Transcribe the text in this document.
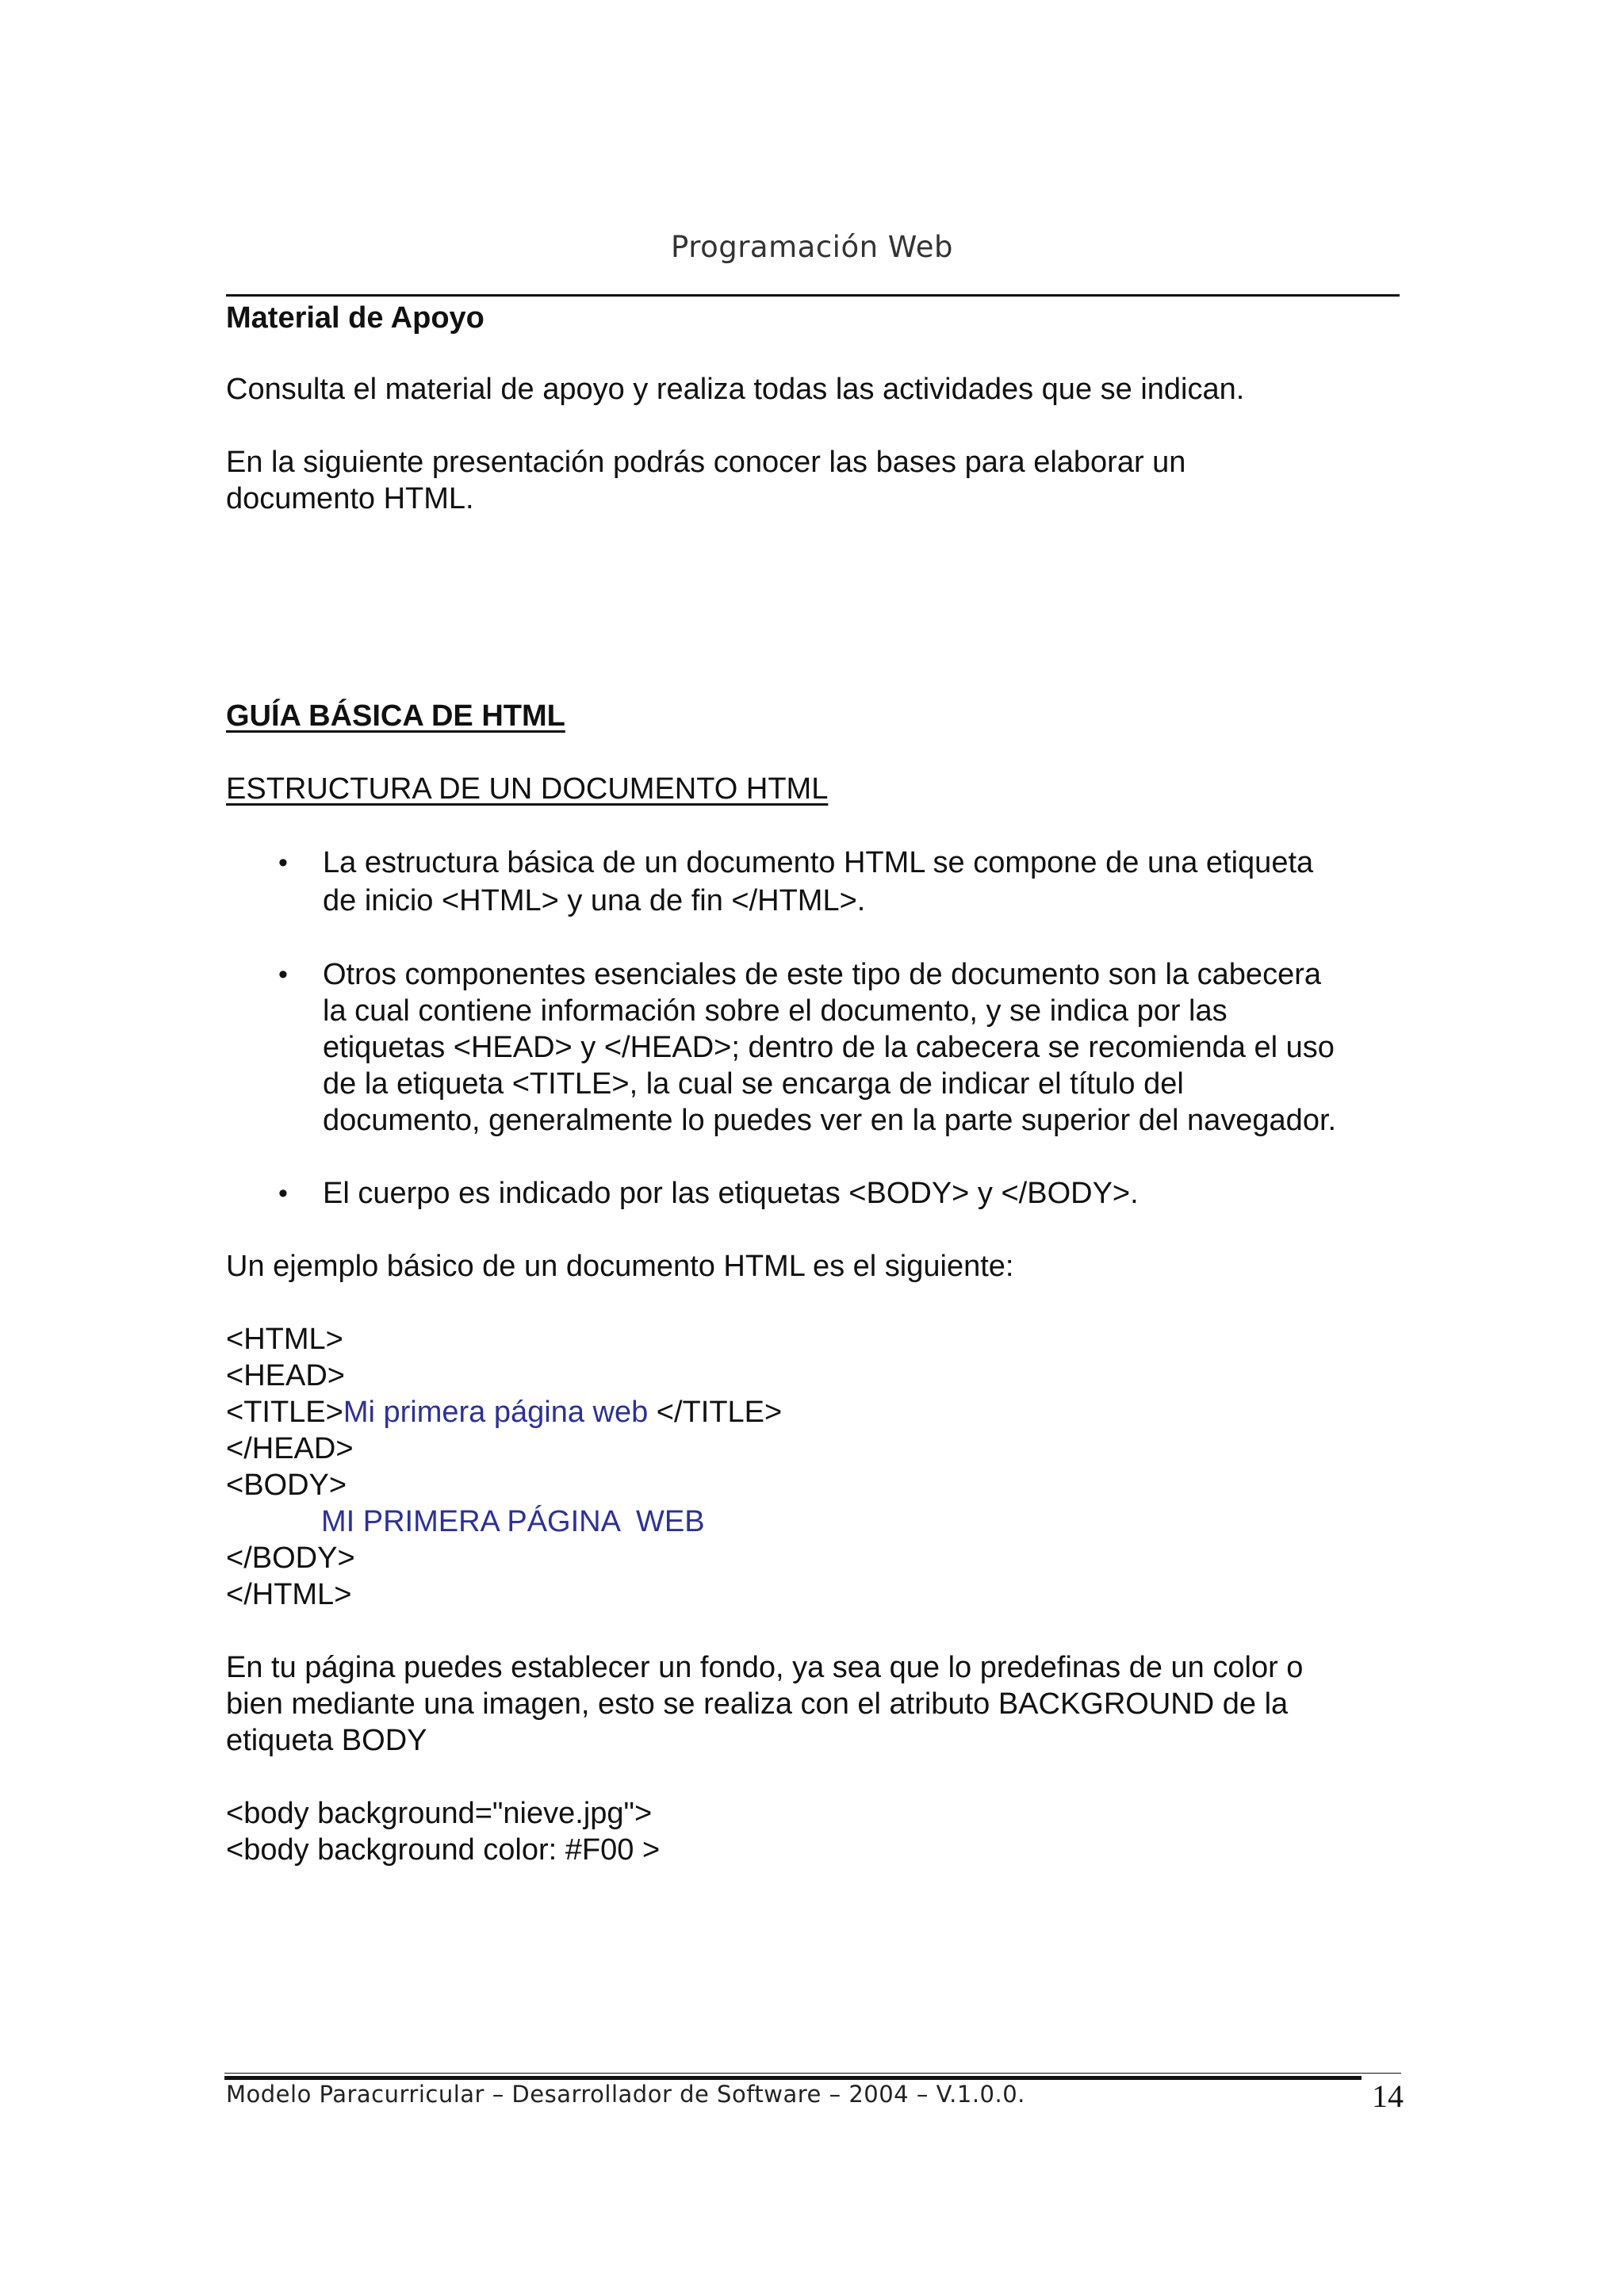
Programación Web

Material de Apoyo

Consulta el material de apoyo y realiza todas las actividades que se indican.

En la siguiente presentación podrás conocer las bases para elaborar un
documento HTML.

GUÍA BÁSICA DE HTML

ESTRUCTURA DE UN DOCUMENTO HTML

• La estructura básica de un documento HTML se compone de una etiqueta
de inicio <HTML> y una de fin </HTML>.
• Otros componentes esenciales de este tipo de documento son la cabecera
la cual contiene información sobre el documento, y se indica por las
etiquetas <HEAD> y </HEAD>; dentro de la cabecera se recomienda el uso
de la etiqueta <TITLE>, la cual se encarga de indicar el título del
documento, generalmente lo puedes ver en la parte superior del navegador.
• El cuerpo es indicado por las etiquetas <BODY> y </BODY>.

Un ejemplo básico de un documento HTML es el siguiente:

<HTML>
<HEAD>
<TITLE>Mi primera página web </TITLE>
</HEAD>
<BODY>
MI PRIMERA PÁGINA  WEB
</BODY>
</HTML>

En tu página puedes establecer un fondo, ya sea que lo predefinas de un color o
bien mediante una imagen, esto se realiza con el atributo BACKGROUND de la
etiqueta BODY

<body background="nieve.jpg">
<body background color: #F00 >
Modelo Paracurricular – Desarrollador de Software – 2004 – V.1.0.0.	14
